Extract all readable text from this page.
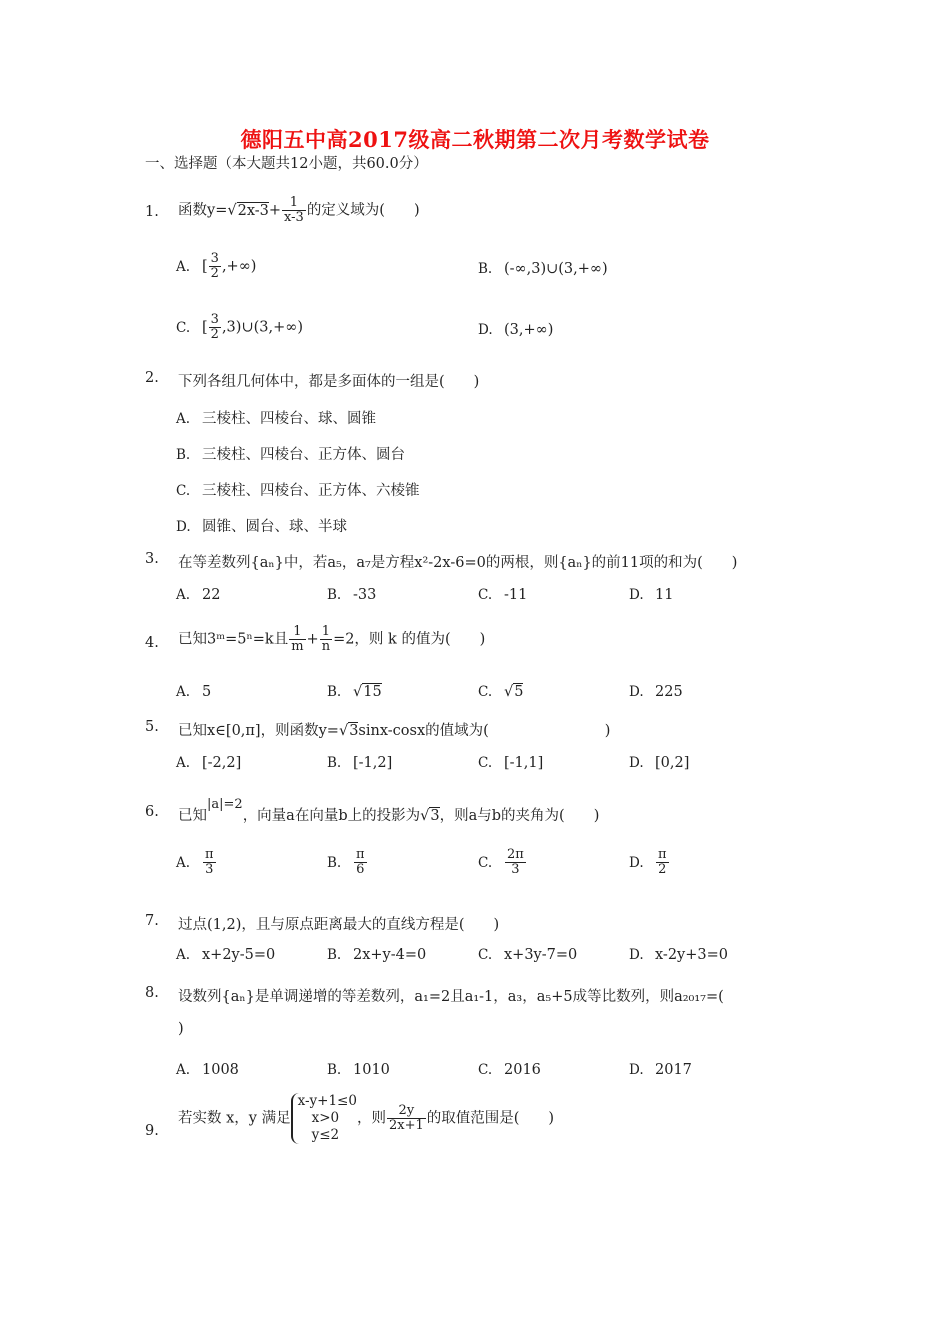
德阳五中高2017级高二秋期第二次月考数学试卷
一、选择题（本大题共12小题，共60.0分）
1. 函数$y=√2x-3+ \frac{1}{x-3}$ 的定义域为(　　 )
A. [ $\frac{3}{2}$ ,+∞)	B. (-∞,3)∪(3,+∞)
C. [ $\frac{3}{2}$ ,3)∪(3,+∞)	D. (3,+∞)
2. 下列各组几何体中，都是多面体的一组是(　　)
A. 三棱柱、四棱台、球、圆锥
B. 三棱柱、四棱台、正方体、圆台
C. 三棱柱、四棱台、正方体、六棱锥
D. 圆锥、圆台、球、半球
3. 在等差数列{aₙ}中，若a₅，a₇是方程x²-2x-6=0的两根，则{aₙ}的前11项的和为(　　)
A. 22	B. -33	C. -11	D. 11
4. 已知3ᵐ=5ⁿ=k且 $\frac{1}{m} + \frac{1}{n} =2$，则 k 的值为(　　)
A. 5	B. √15	C. √5	D. 225
5. 已知x∈[0,π]，则函数y=√3sinx-cosx的值域为(　　　　　　　　)
A. [-2,2]	B. [-1,2]	C. [-1,1]	D. [0,2]
6. 已知|a|=2，向量a在向量b上的投影为√3，则a与b的夹角为(　　)
A. $\frac{\pi}{3}$	B. $\frac{\pi}{6}$	C. $\frac{2\pi}{3}$	D. $\frac{\pi}{2}$
7. 过点(1,2)，且与原点距离最大的直线方程是(　　)
A. x+2y-5=0	B. 2x+y-4=0	C. x+3y-7=0	D. x-2y+3=0
8. 设数列{aₙ}是单调递增的等差数列，a₁=2且a₁-1，a₃，a₅+5成等比数列，则a₂₀₁₇=(
)
A. 1008	B. 1010	C. 2016	D. 2017
9.
若实数 x，y 满足
x-y+1≤0
x>0
y≤2
，则 $\frac{2y}{2x+1}$ 的取值范围是(　　)
